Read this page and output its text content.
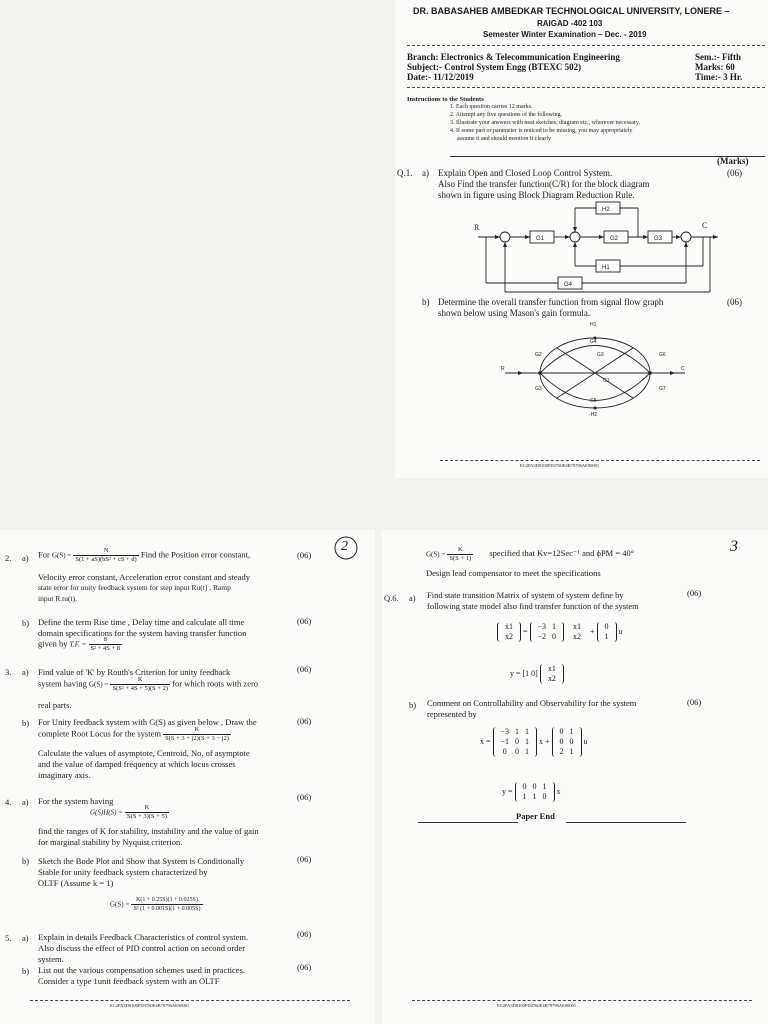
DR. BABASAHEB AMBEDKAR TECHNOLOGICAL UNIVERSITY, LONERE –
RAIGAD -402 103
Semester Winter Examination – Dec. - 2019
Branch: Electronics & Telecommunication Engineering	Sem.:- Fifth
Subject:- Control System Engg (BTEXC 502)	Marks: 60
Date:- 11/12/2019	Time:- 3 Hr.
Instructions to the Students
1. Each question carries 12 marks.
2. Attempt any five questions of the following.
3. Illustrate your answers with neat sketches, diagram etc., wherever necessary.
4. If some part or parameter is noticed to be missing, you may appropriately
assume it and should mention it clearly
(Marks)
Q.1. a) Explain Open and Closed Loop Control System.	(06)
Also Find the transfer function(C/R) for the block diagram
shown in figure using Block Diagram Reduction Rule.
R	C
G1	G2	G3
H2
H1
G4
b) Determine the overall transfer function from signal flow graph	(06)
shown below using Mason's gain formula.
H1
-H2
G4
G2	G3	G6
G1
G3	G7
G5
R	C
EC2FA3D0100FD3760E4B79796AE90001
2
2. a) For $G(S) = \frac{N}{\text{S(1 + aS)(bS² + cS + d)}}$ Find the Position error constant,	(06)
Velocity error constant, Acceleration error constant and steady
state error for unity feedback system for step input Ru(t) , Ramp
input R.tu(t).
b) Define the term Rise time , Delay time and calculate all time	(06)
domain specifications for the system having transfer function
given by T.F. = $\frac{8}{\text{S² + 4S + 8}}$
3. a) Find value of 'K' by Routh's Criterion for unity feedback	(06)
system having $G(S) = \frac{K}{\text{S(S² + 4S + 5)(S + 2)}}$ for which roots with zero
real parts.
b) For Unity feedback system with G(S) as given below , Draw the	(06)
complete Root Locus for the system $\frac{K}{S(S + 3 + j2)(S + 3 - j2)}$
Calculate the values of asymptote, Centroid, No. of asymptote
and the value of damped frequency at which locus crosses
imaginary axis.
4. a) For the system having	(06)
$G(S)H(S) = \frac{K}{S(S + 3)(S + 5)}$
find the ranges of K for stability, instability and the value of gain
for marginal stability by Nyquist criterion.
b) Sketch the Bode Plot and Show that System is Conditionally	(06)
Stable for unity feedback system characterized by
OLTF (Assume k = 1)
$G(S) = \frac{K(1 + 0.25S)(1 + 0.025S)}{\text{S³ (1 + 0.001S)(1 + 0.005S)}}$
5. a) Explain in details Feedback Characteristics of control system.	(06)
Also discuss the effect of PID control action on second order
system.
b) List out the various compensation schemes used in practices.	(06)
Consider a type 1unit feedback system with an OLTF
EC2FA3D0100FD3760E4B79796AE90001
3
$G(S) = \frac{K}{S(S + 1)}$ specified that Kv=12Sec⁻¹ and ϕPM = 40°
Design lead compensator to meet the specifications
Q.6. a) Find state transition Matrix of system of system define by	(06)
following state model also find transfer function of the system
ẋ1
ẋ2
=
−3	1
−2	0

x1
x2
+
0
1
u
y = [1 0]
x1
x2
b) Comment on Controllability and Observability for the system	(06)
represented by
ẋ =
−3	1	1
−1	0	1
0	0	1
x +
0	1
0	0
2	1
u
y =
0	0	1
1	1	0
x
Paper End
EC2FA3D0100FD3760E4B79796AE90001
